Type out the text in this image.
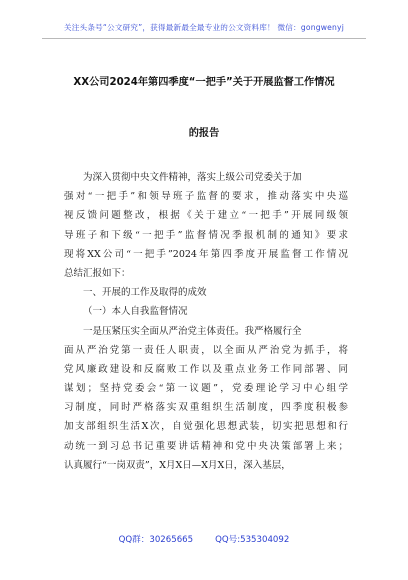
关注头条号“公文研究”，获得最新最全最专业的公文资料库！ 微信：gongwenyj
XX公司2024年第四季度“一把手”关于开展监督工作情况
的报告
为深入贯彻中央文件精神，落实上级公司党委关于加
强对“一把手”和领导班子监督的要求，推动落实中央巡
视反馈问题整改，根据《关于建立“一把手”开展同级领
导班子和下级“一把手”监督情况季报机制的通知》要求
现将XX公司“一把手”2024年第四季度开展监督工作情况
总结汇报如下：
一、开展的工作及取得的成效
（一）本人自我监督情况
一是压紧压实全面从严治党主体责任。我严格履行全
面从严治党第一责任人职责，以全面从严治党为抓手，将
党风廉政建设和反腐败工作以及重点业务工作同部署、同
谋划；坚持党委会“第一议题”，党委理论学习中心组学
习制度，同时严格落实双重组织生活制度，四季度积极参
加支部组织生活X次，自觉强化思想武装，切实把思想和行
动统一到习总书记重要讲话精神和党中央决策部署上来；
认真履行“一岗双责”，X月X日—X月X日，深入基层，
QQ群：30265665	QQ号:535304092
